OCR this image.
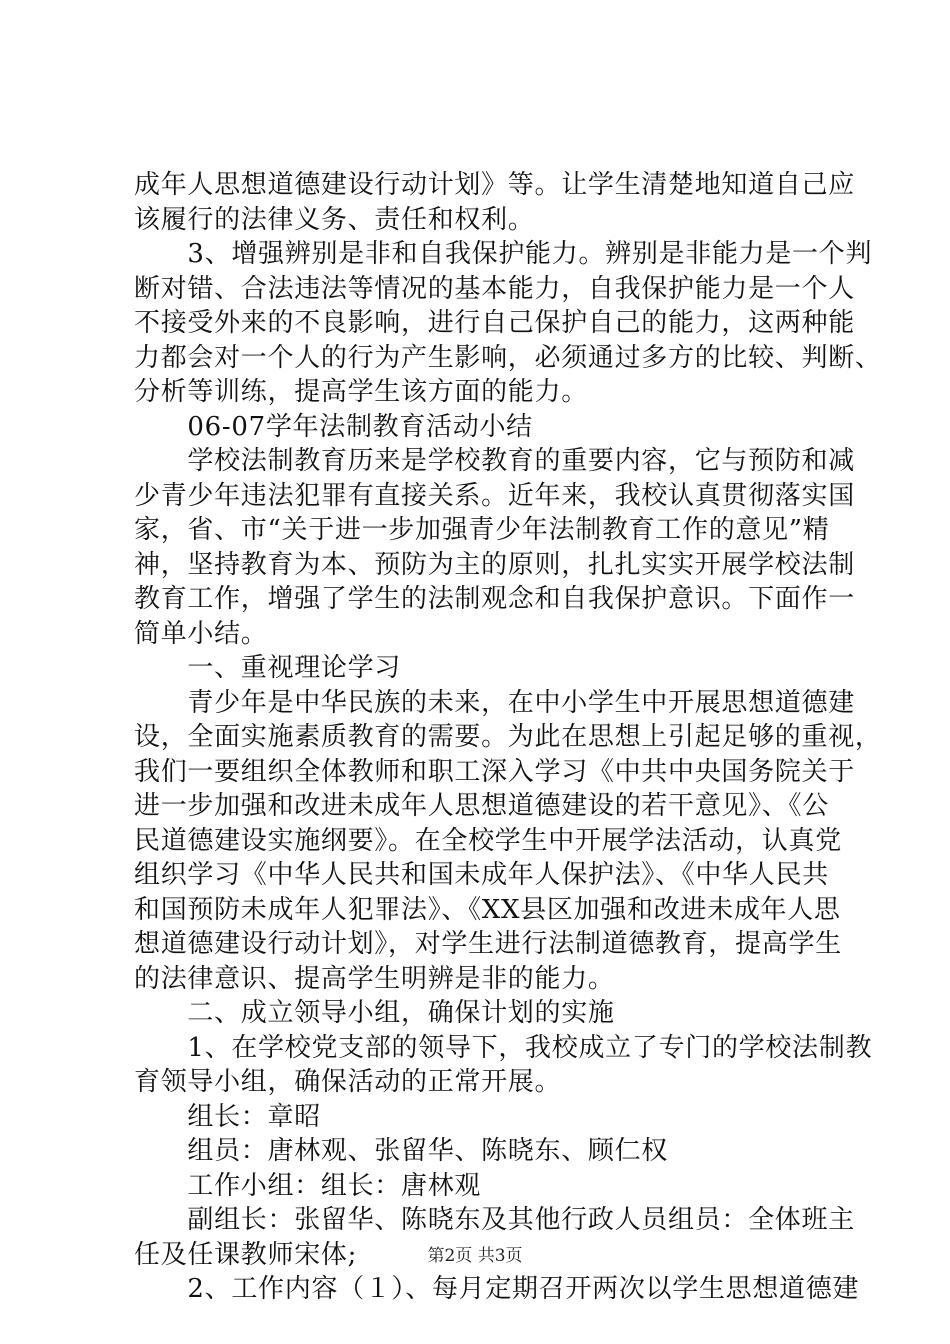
成年人思想道德建设行动计划》等。让学生清楚地知道自己应
该履行的法律义务、责任和权利。
　　3、增强辨别是非和自我保护能力。辨别是非能力是一个判
断对错、合法违法等情况的基本能力，自我保护能力是一个人
不接受外来的不良影响，进行自己保护自己的能力，这两种能
力都会对一个人的行为产生影响，必须通过多方的比较、判断、
分析等训练，提高学生该方面的能力。
　　06-07学年法制教育活动小结
　　学校法制教育历来是学校教育的重要内容，它与预防和减
少青少年违法犯罪有直接关系。近年来，我校认真贯彻落实国
家，省、市“关于进一步加强青少年法制教育工作的意见”精
神，坚持教育为本、预防为主的原则，扎扎实实开展学校法制
教育工作，增强了学生的法制观念和自我保护意识。下面作一
简单小结。
　　一、重视理论学习
　　青少年是中华民族的未来，在中小学生中开展思想道德建
设，全面实施素质教育的需要。为此在思想上引起足够的重视，
我们一要组织全体教师和职工深入学习《中共中央国务院关于
进一步加强和改进未成年人思想道德建设的若干意见》、《公
民道德建设实施纲要》。在全校学生中开展学法活动，认真党
组织学习《中华人民共和国未成年人保护法》、《中华人民共
和国预防未成年人犯罪法》、《XX县区加强和改进未成年人思
想道德建设行动计划》，对学生进行法制道德教育，提高学生
的法律意识、提高学生明辨是非的能力。
　　二、成立领导小组，确保计划的实施
　　1、在学校党支部的领导下，我校成立了专门的学校法制教
育领导小组，确保活动的正常开展。
　　组长：章昭
　　组员：唐林观、张留华、陈晓东、顾仁权
　　工作小组：组长：唐林观
　　副组长：张留华、陈晓东及其他行政人员组员：全体班主
任及任课教师宋体;
　　2、工作内容（１）、每月定期召开两次以学生思想道德建
第2页 共3页
